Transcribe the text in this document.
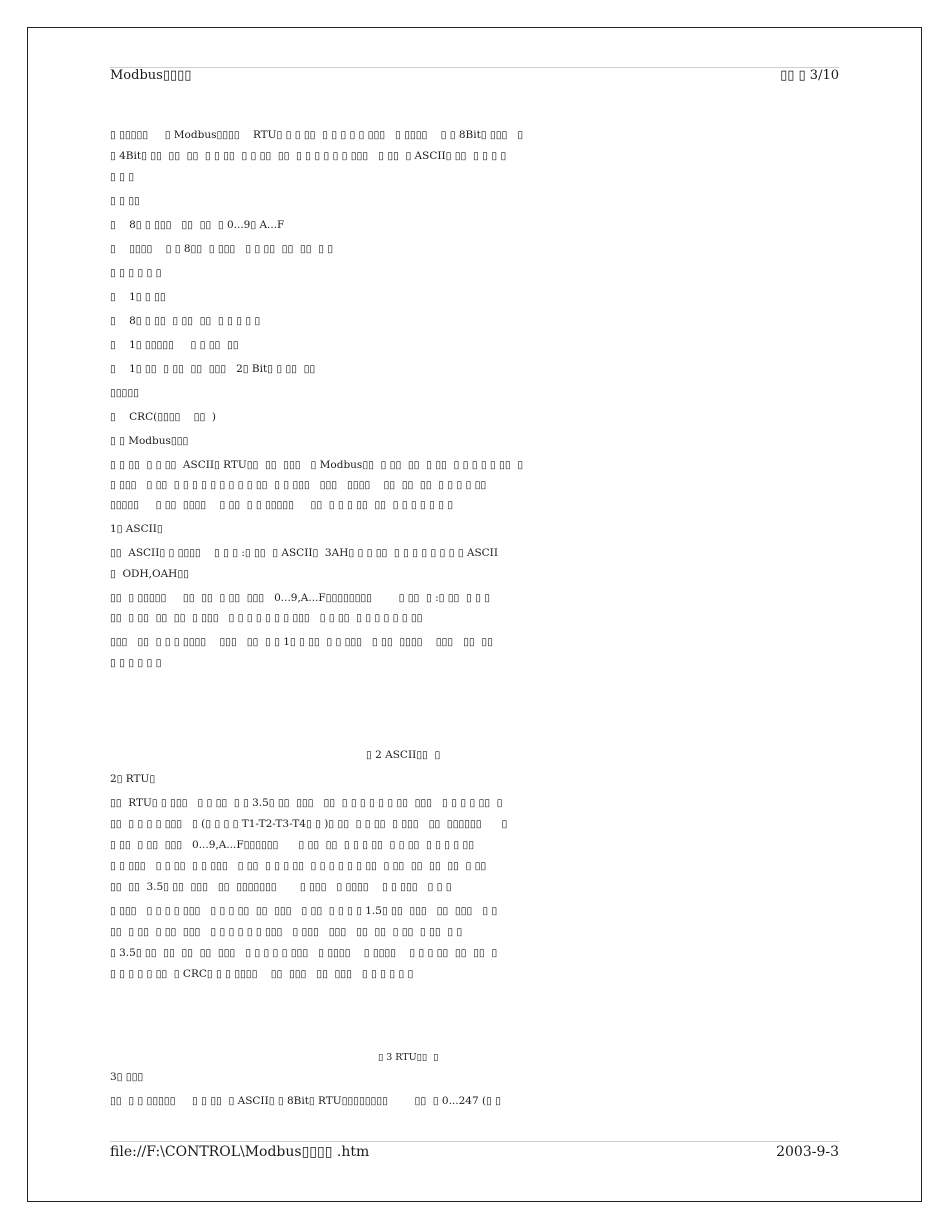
Modbus▯▯▯▯	▯▯ ▯ 3/10
▯ ▯▯▯▯▯     ▯ Modbus▯▯▯▯    RTU▯ ▯ ▯ ▯▯  ▯ ▯ ▯ ▯ ▯ ▯▯▯   ▯ ▯▯▯▯    ▯ ▯ 8Bit▯ ▯▯▯   ▯
▯ 4Bit▯ ▯▯  ▯▯  ▯▯  ▯ ▯ ▯▯  ▯ ▯ ▯▯  ▯▯  ▯ ▯ ▯ ▯ ▯ ▯ ▯▯▯   ▯ ▯▯  ▯ ASCII▯ ▯▯  ▯ ▯ ▯ ▯
▯ ▯ ▯
▯ ▯ ▯▯
▯    8▯ ▯ ▯▯▯   ▯▯  ▯▯  ▯ 0...9▯ A...F
▯    ▯▯▯▯    ▯ ▯ 8▯▯  ▯ ▯▯▯   ▯ ▯ ▯▯  ▯▯  ▯▯  ▯ ▯
▯ ▯ ▯ ▯ ▯ ▯
▯    1▯ ▯ ▯▯
▯    8▯ ▯ ▯▯  ▯ ▯▯  ▯▯  ▯ ▯ ▯ ▯ ▯
▯    1▯ ▯▯▯▯▯     ▯ ▯ ▯▯  ▯▯
▯    1▯ ▯▯  ▯ ▯▯  ▯▯  ▯▯▯   2▯ Bit▯ ▯ ▯▯  ▯▯
▯▯▯▯▯
▯    CRC(▯▯▯▯    ▯▯  )
▯ ▯ Modbus▯▯▯
▯ ▯ ▯▯  ▯ ▯ ▯▯  ASCII▯ RTU▯▯  ▯▯  ▯▯▯   ▯ Modbus▯▯  ▯ ▯▯  ▯▯  ▯ ▯▯  ▯ ▯ ▯ ▯ ▯ ▯▯  ▯
▯ ▯▯▯   ▯ ▯▯  ▯ ▯ ▯ ▯ ▯ ▯ ▯ ▯ ▯ ▯▯  ▯ ▯ ▯▯▯   ▯▯▯   ▯▯▯▯    ▯▯  ▯▯  ▯▯  ▯ ▯ ▯ ▯ ▯▯
▯▯▯▯▯     ▯ ▯▯  ▯▯▯▯    ▯ ▯▯  ▯ ▯ ▯▯▯▯▯     ▯▯  ▯ ▯ ▯ ▯▯  ▯▯  ▯ ▯ ▯ ▯ ▯ ▯ ▯
1▯ ASCII▯
▯▯  ASCII▯ ▯ ▯▯▯▯    ▯ ▯ ▯ :▯ ▯▯  ▯ ASCII▯  3AH▯ ▯ ▯ ▯▯  ▯ ▯ ▯ ▯ ▯ ▯ ▯ ▯ ASCII
▯  ODH,OAH▯▯
▯▯  ▯ ▯▯▯▯▯     ▯▯  ▯▯  ▯ ▯▯  ▯▯▯   0...9,A...F▯▯▯▯▯▯▯▯        ▯ ▯▯  ▯ :▯ ▯▯  ▯ ▯ ▯
▯▯  ▯ ▯▯  ▯▯  ▯▯  ▯ ▯▯▯   ▯ ▯ ▯ ▯ ▯ ▯ ▯ ▯▯▯   ▯ ▯ ▯▯  ▯ ▯ ▯ ▯ ▯ ▯ ▯▯
▯▯▯   ▯▯  ▯ ▯ ▯ ▯▯▯▯    ▯▯▯   ▯▯  ▯ ▯ 1▯ ▯ ▯▯  ▯ ▯ ▯▯▯   ▯ ▯▯  ▯▯▯▯    ▯▯▯   ▯▯  ▯▯
▯ ▯ ▯ ▯ ▯ ▯
▯ 2 ASCII▯▯  ▯
2▯ RTU▯
▯▯  RTU▯ ▯ ▯▯▯   ▯ ▯ ▯▯  ▯ ▯ 3.5▯ ▯▯  ▯▯▯   ▯▯  ▯ ▯ ▯ ▯ ▯ ▯ ▯▯  ▯▯▯   ▯ ▯ ▯ ▯ ▯▯  ▯
▯▯  ▯ ▯ ▯ ▯ ▯▯▯   ▯ (▯ ▯ ▯ ▯ T1-T2-T3-T4▯ ▯ )▯ ▯▯  ▯ ▯ ▯▯  ▯ ▯▯▯   ▯▯  ▯▯▯▯▯▯      ▯
▯ ▯▯  ▯ ▯▯  ▯▯▯   0...9,A...F▯▯▯▯▯▯      ▯ ▯▯  ▯▯  ▯ ▯ ▯ ▯▯  ▯ ▯ ▯▯  ▯ ▯ ▯ ▯ ▯▯
▯ ▯ ▯▯▯   ▯ ▯ ▯▯  ▯ ▯ ▯▯▯   ▯ ▯▯  ▯ ▯ ▯ ▯▯  ▯ ▯ ▯ ▯ ▯ ▯ ▯▯  ▯ ▯▯  ▯▯  ▯▯  ▯▯  ▯ ▯▯
▯▯  ▯▯  3.5▯ ▯▯  ▯▯▯   ▯▯  ▯▯▯▯▯▯▯       ▯ ▯▯▯   ▯ ▯▯▯▯    ▯ ▯ ▯▯▯   ▯ ▯ ▯
▯ ▯▯▯   ▯ ▯ ▯ ▯ ▯▯▯   ▯ ▯ ▯ ▯▯  ▯▯  ▯▯▯   ▯ ▯▯  ▯ ▯ ▯ ▯ 1.5▯ ▯▯  ▯▯▯   ▯▯  ▯▯▯   ▯ ▯
▯▯  ▯ ▯▯  ▯ ▯▯  ▯▯▯   ▯ ▯ ▯ ▯ ▯ ▯ ▯▯▯   ▯ ▯▯▯   ▯▯▯   ▯▯  ▯▯  ▯ ▯▯  ▯ ▯▯  ▯ ▯
▯ 3.5▯ ▯▯  ▯▯  ▯▯  ▯▯  ▯▯▯   ▯ ▯ ▯ ▯ ▯ ▯▯▯   ▯ ▯▯▯▯    ▯ ▯▯▯▯    ▯ ▯ ▯ ▯▯  ▯▯  ▯▯  ▯
▯ ▯ ▯ ▯ ▯ ▯▯  ▯ CRC▯ ▯ ▯ ▯▯▯▯    ▯▯  ▯▯▯   ▯▯  ▯▯▯   ▯ ▯ ▯ ▯ ▯ ▯
▯ 3 RTU▯▯  ▯
3▯ ▯▯▯
▯▯  ▯ ▯ ▯▯▯▯▯     ▯ ▯ ▯▯  ▯ ASCII▯ ▯ 8Bit▯ RTU▯▯▯▯▯▯▯▯        ▯▯  ▯ 0...247 (▯ ▯
file://F:\CONTROL\Modbus▯▯▯▯ .htm	2003-9-3
